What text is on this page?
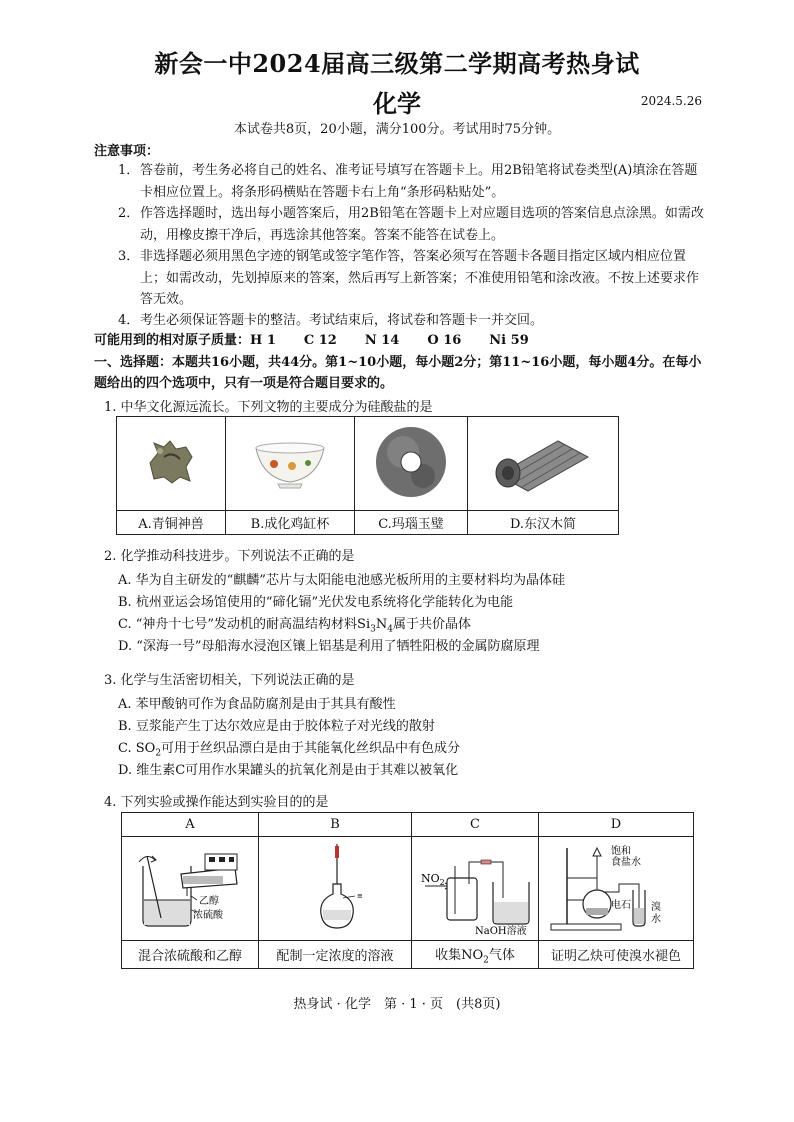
新会一中2024届高三级第二学期高考热身试
化学	2024.5.26
本试卷共8页，20小题，满分100分。考试用时75分钟。
注意事项：
1． 答卷前，考生务必将自己的姓名、准考证号填写在答题卡上。用2B铅笔将试卷类型(A)填涂在答题卡相应位置上。将条形码横贴在答题卡右上角“条形码粘贴处”。
2． 作答选择题时，选出每小题答案后，用2B铅笔在答题卡上对应题目选项的答案信息点涂黑。如需改动，用橡皮擦干净后，再选涂其他答案。答案不能答在试卷上。
3． 非选择题必须用黑色字迹的钢笔或签字笔作答，答案必须写在答题卡各题目指定区域内相应位置上；如需改动，先划掉原来的答案，然后再写上新答案；不准使用铅笔和涂改液。不按上述要求作答无效。
4． 考生必须保证答题卡的整洁。考试结束后，将试卷和答题卡一并交回。
可能用到的相对原子质量：H 1 C 12 N 14 O 16 Ni 59
一、选择题：本题共16小题，共44分。第1~10小题，每小题2分；第11~16小题，每小题4分。在每小
题给出的四个选项中，只有一项是符合题目要求的。
1. 中华文化源远流长。下列文物的主要成分为硅酸盐的是

A.青铜神兽	B.成化鸡缸杯	C.玛瑙玉璧	D.东汉木简
2. 化学推动科技进步。下列说法不正确的是
A. 华为自主研发的“麒麟”芯片与太阳能电池感光板所用的主要材料均为晶体硅
B. 杭州亚运会场馆使用的“碲化镉”光伏发电系统将化学能转化为电能
C. “神舟十七号”发动机的耐高温结构材料$Si_3N_4$属于共价晶体
D. “深海一号”母船海水浸泡区镶上铝基是利用了牺牲阳极的金属防腐原理
3. 化学与生活密切相关，下列说法正确的是
A. 苯甲酸钠可作为食品防腐剂是由于其具有酸性
B. 豆浆能产生丁达尔效应是由于胶体粒子对光线的散射
C. $SO_2$可用于丝织品漂白是由于其能氧化丝织品中有色成分
D. 维生素C可用作水果罐头的抗氧化剂是由于其难以被氧化
4. 下列实验或操作能达到实验目的的是
A	B	C	D

乙醇
浓硫酸	≡	$NO_2$
NaOH溶液	饱和
食盐水
电石 溴
水

混合浓硫酸和乙醇	配制一定浓度的溶液	收集$NO_2$气体	证明乙炔可使溴水褪色
热身试 · 化学　第 · 1 · 页　(共8页)
